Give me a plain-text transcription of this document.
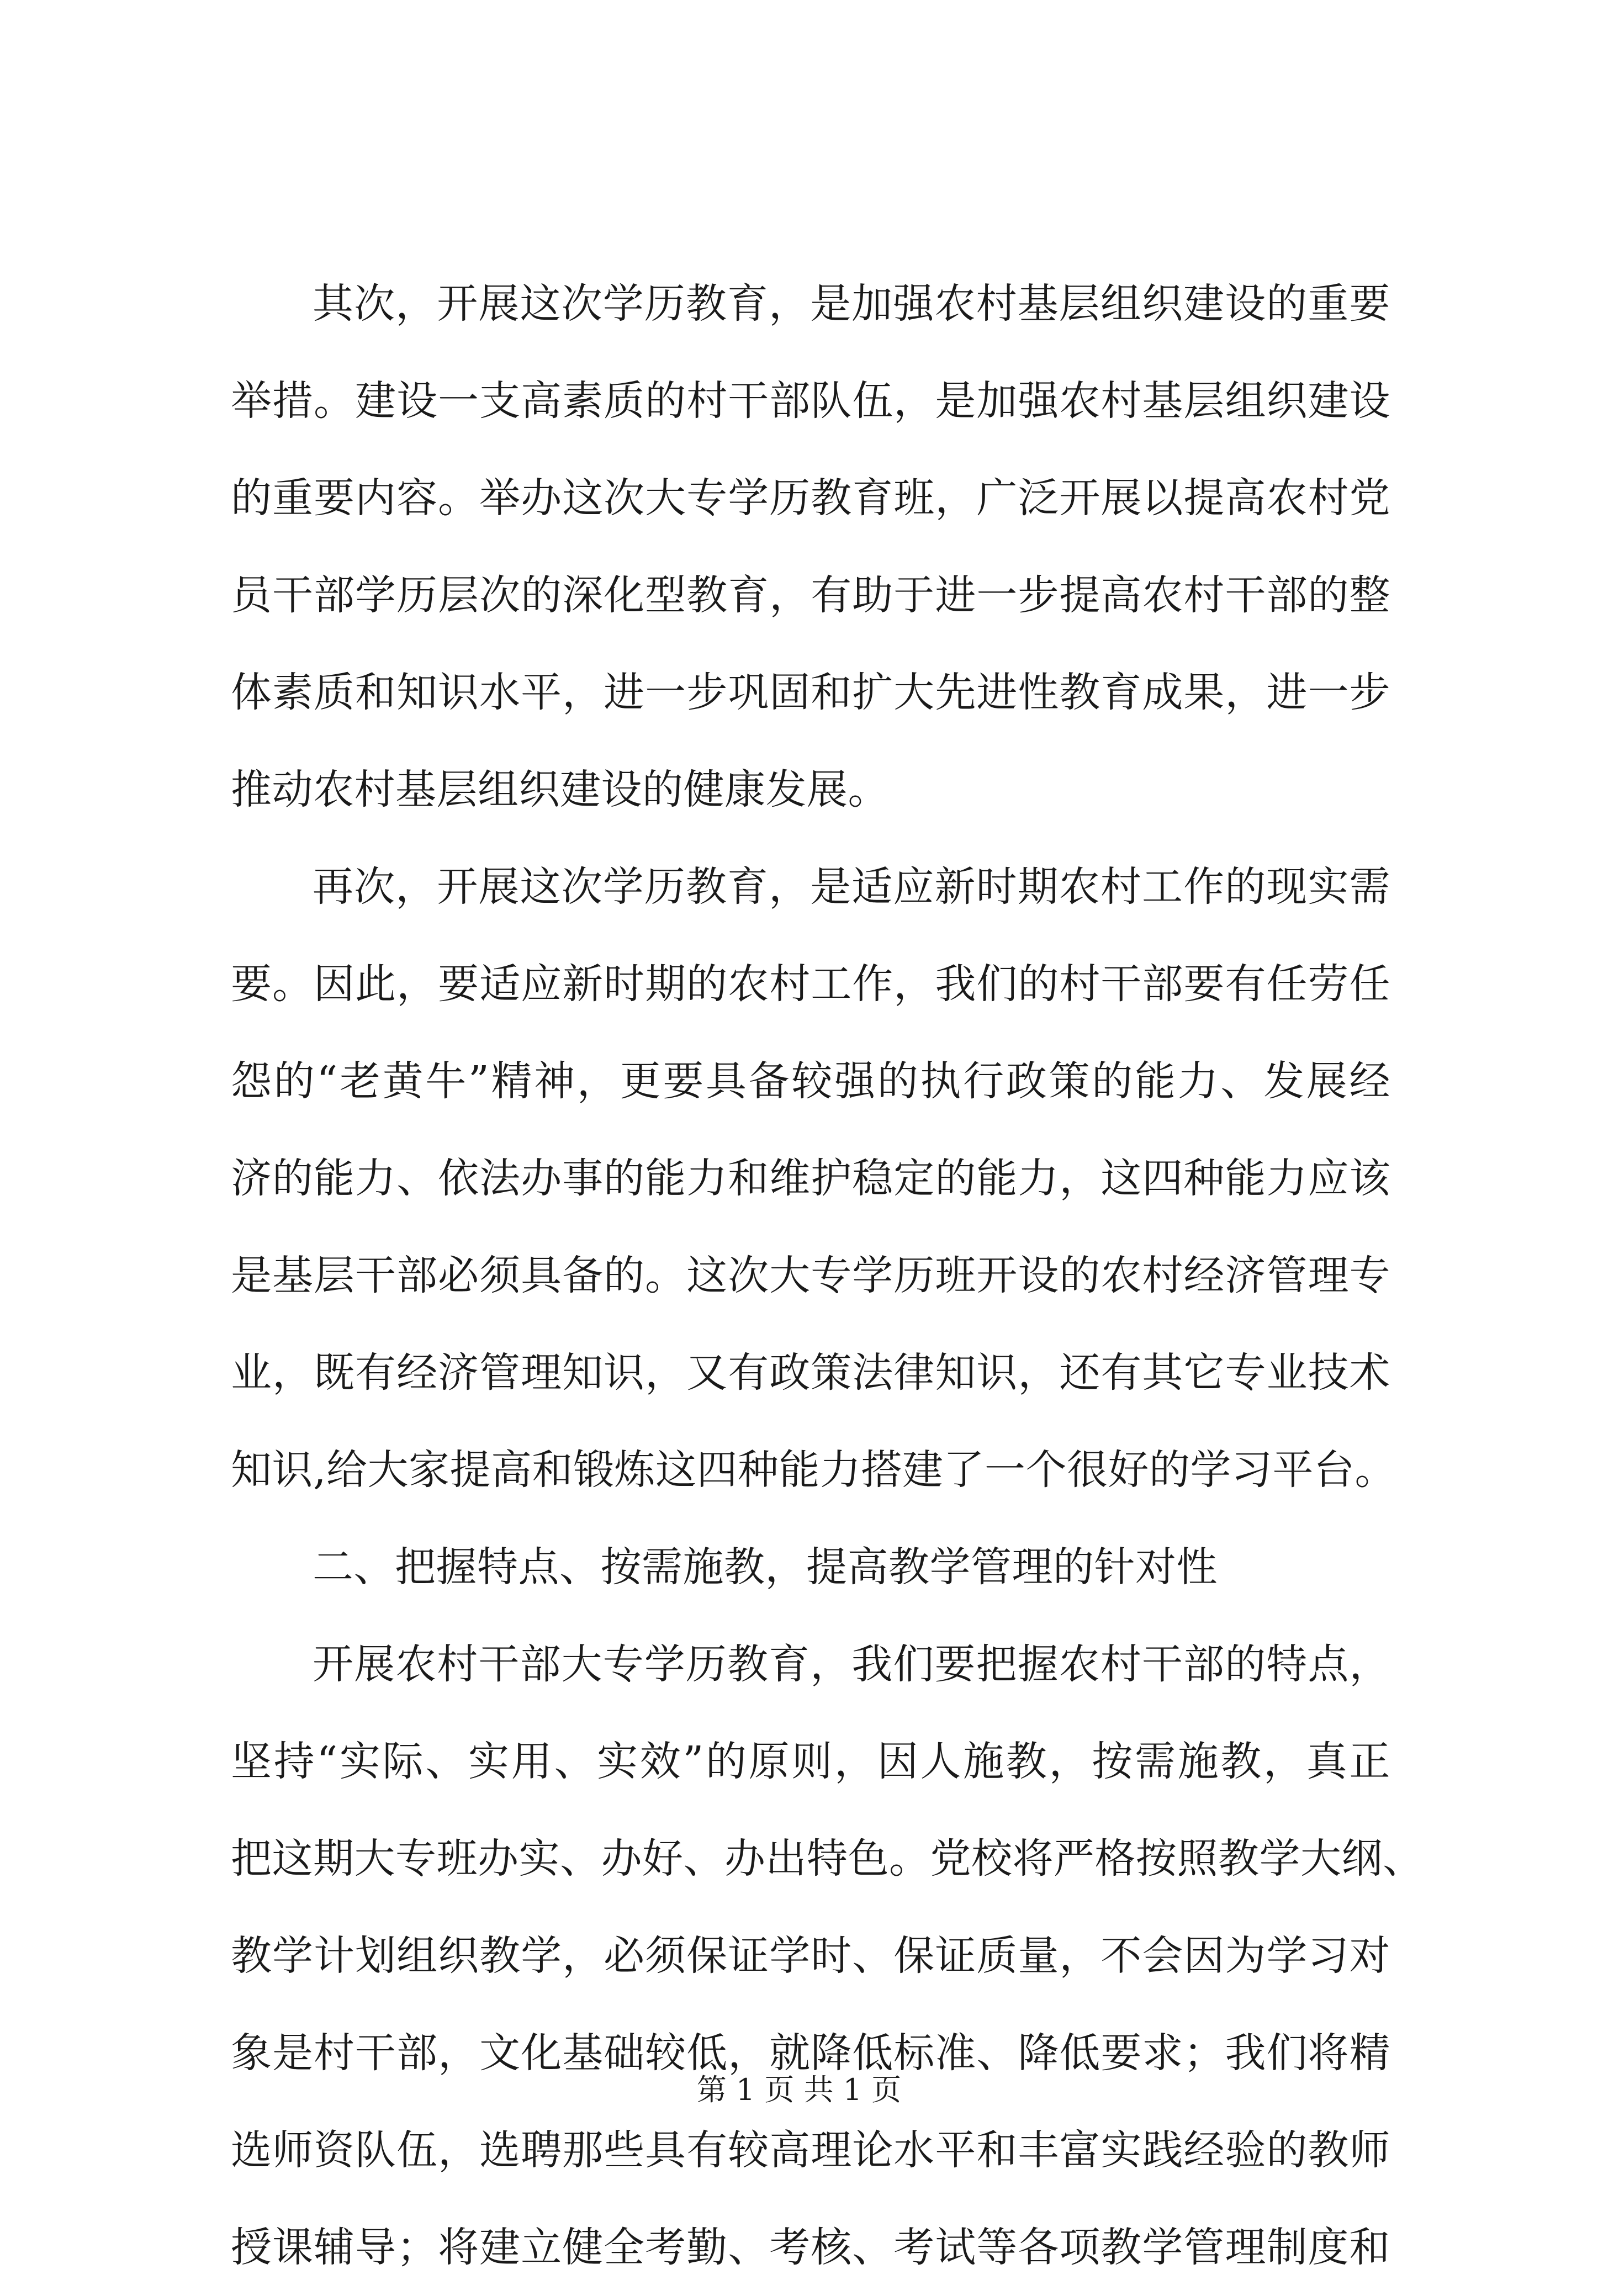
其次，开展这次学历教育，是加强农村基层组织建设的重要
举措。建设一支高素质的村干部队伍，是加强农村基层组织建设
的重要内容。举办这次大专学历教育班，广泛开展以提高农村党
员干部学历层次的深化型教育，有助于进一步提高农村干部的整
体素质和知识水平，进一步巩固和扩大先进性教育成果，进一步
推动农村基层组织建设的健康发展。
再次，开展这次学历教育，是适应新时期农村工作的现实需
要。因此，要适应新时期的农村工作，我们的村干部要有任劳任
怨的“老黄牛”精神，更要具备较强的执行政策的能力、发展经
济的能力、依法办事的能力和维护稳定的能力，这四种能力应该
是基层干部必须具备的。这次大专学历班开设的农村经济管理专
业，既有经济管理知识，又有政策法律知识，还有其它专业技术
知识,给大家提高和锻炼这四种能力搭建了一个很好的学习平台。
二、把握特点、按需施教，提高教学管理的针对性
开展农村干部大专学历教育，我们要把握农村干部的特点，
坚持“实际、实用、实效”的原则，因人施教，按需施教，真正
把这期大专班办实、办好、办出特色。党校将严格按照教学大纲、
教学计划组织教学，必须保证学时、保证质量，不会因为学习对
象是村干部，文化基础较低，就降低标准、降低要求；我们将精
选师资队伍，选聘那些具有较高理论水平和丰富实践经验的教师
授课辅导；将建立健全考勤、考核、考试等各项教学管理制度和
第 1 页 共 1 页
